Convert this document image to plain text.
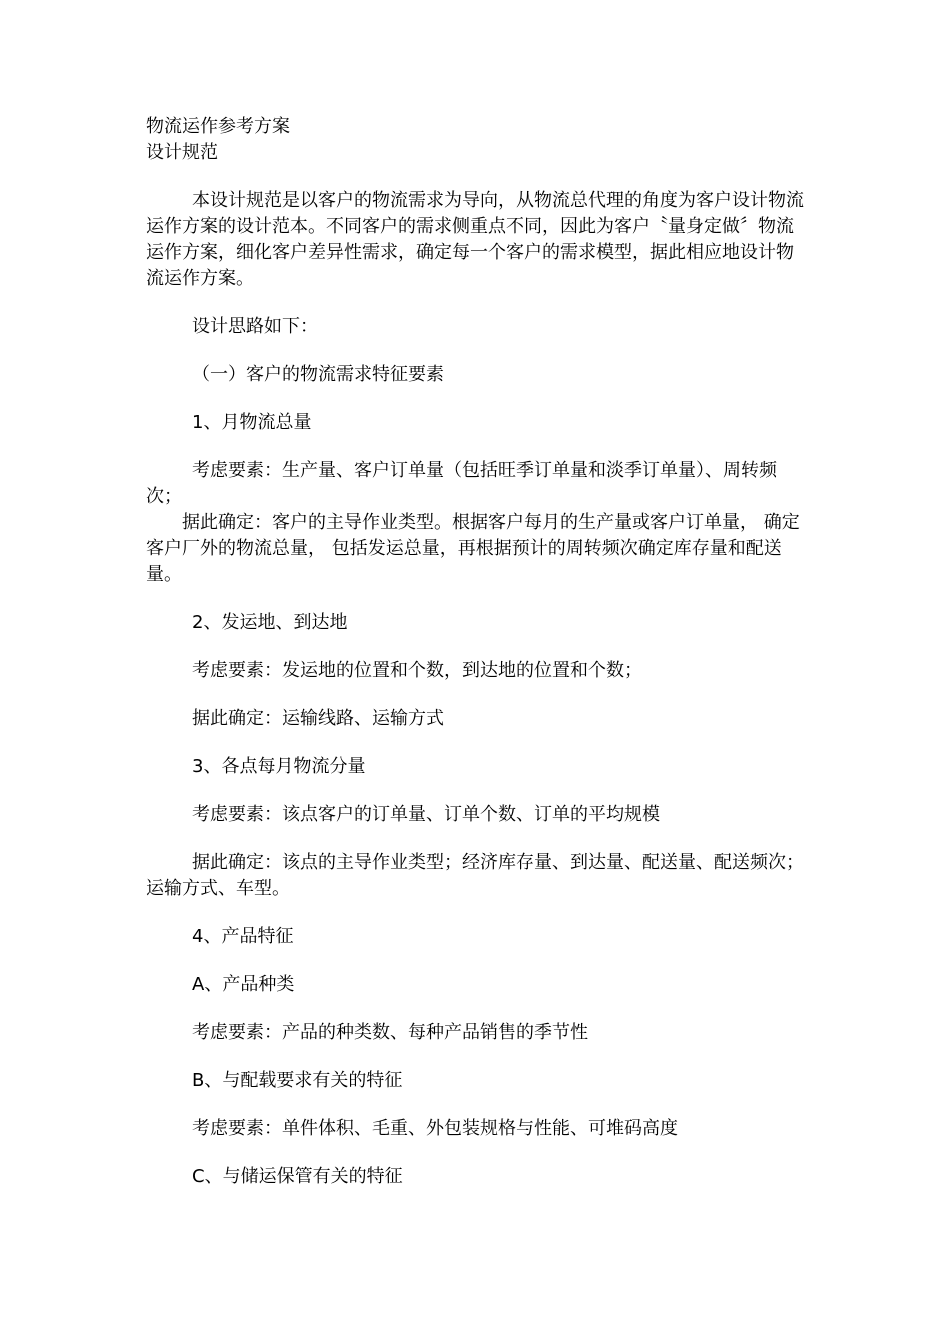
物流运作参考方案

设计规范

本设计规范是以客户的物流需求为导向，从物流总代理的角度为客户设计物流运作方案的设计范本。不同客户的需求侧重点不同，因此为客户〝量身定做〞物流运作方案，细化客户差异性需求，确定每一个客户的需求模型，据此相应地设计物流运作方案。

设计思路如下：

（一）客户的物流需求特征要素

1、月物流总量

考虑要素：生产量、客户订单量（包括旺季订单量和淡季订单量）、周转频次；

据此确定：客户的主导作业类型。根据客户每月的生产量或客户订单量， 确定客户厂外的物流总量， 包括发运总量，再根据预计的周转频次确定库存量和配送量。

2、发运地、到达地

考虑要素：发运地的位置和个数，到达地的位置和个数；

据此确定：运输线路、运输方式

3、各点每月物流分量

考虑要素：该点客户的订单量、订单个数、订单的平均规模

据此确定：该点的主导作业类型；经济库存量、到达量、配送量、配送频次；运输方式、车型。

4、产品特征

A、产品种类

考虑要素：产品的种类数、每种产品销售的季节性

B、与配载要求有关的特征

考虑要素：单件体积、毛重、外包装规格与性能、可堆码高度

C、与储运保管有关的特征
